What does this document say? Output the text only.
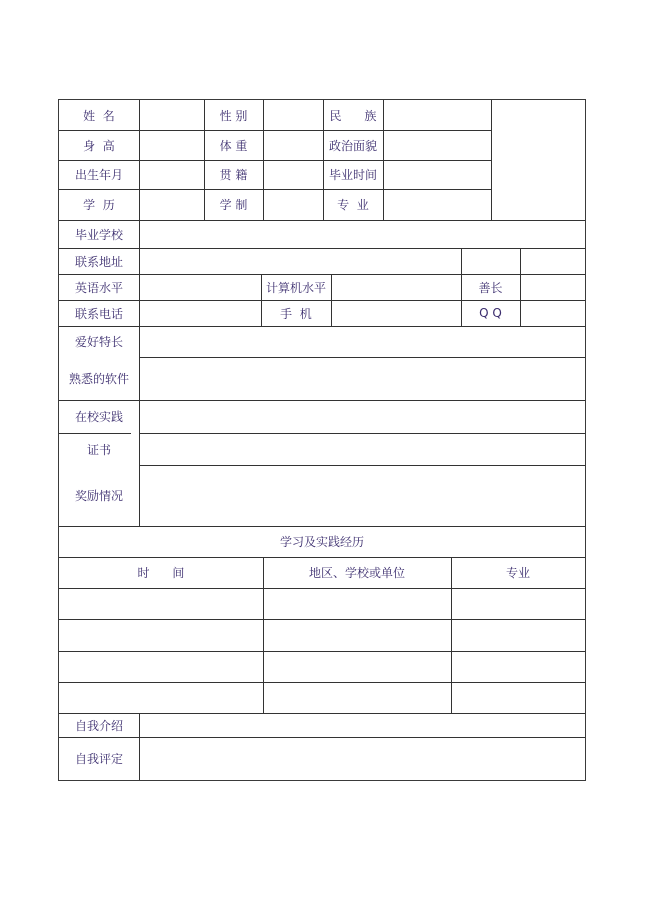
姓  名	性 别	民      族
身  高	体 重	政治面貌
出生年月	贯 籍	毕业时间
学  历	学 制	专  业
毕业学校
联系地址
英语水平	计算机水平	善长
联系电话	手  机	Q Q
爱好特长
熟悉的软件
在校实践
证书
奖励情况
学习及实践经历
时      间	地区、学校或单位	专业
自我介绍
自我评定
